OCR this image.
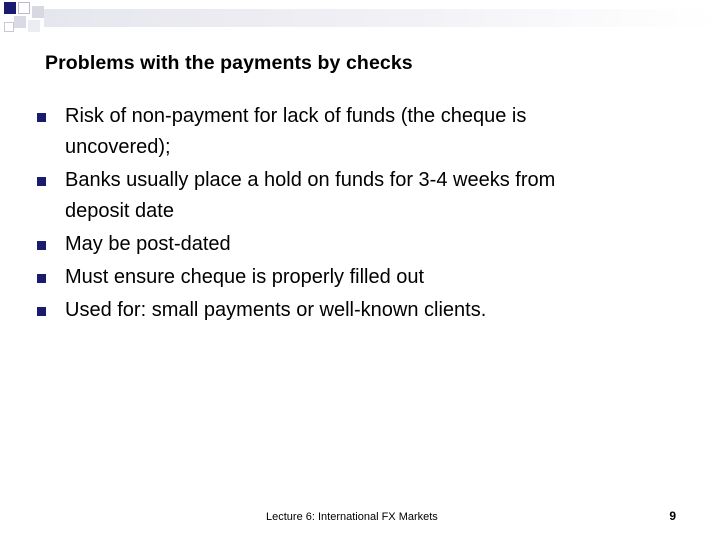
Problems with the payments by checks
Risk of non-payment for lack of funds (the cheque is
uncovered);
Banks usually place a hold on funds for 3-4 weeks from
deposit date
May be post-dated
Must ensure cheque is properly filled out
Used for: small payments or well-known clients.
Lecture 6: International FX Markets	9
